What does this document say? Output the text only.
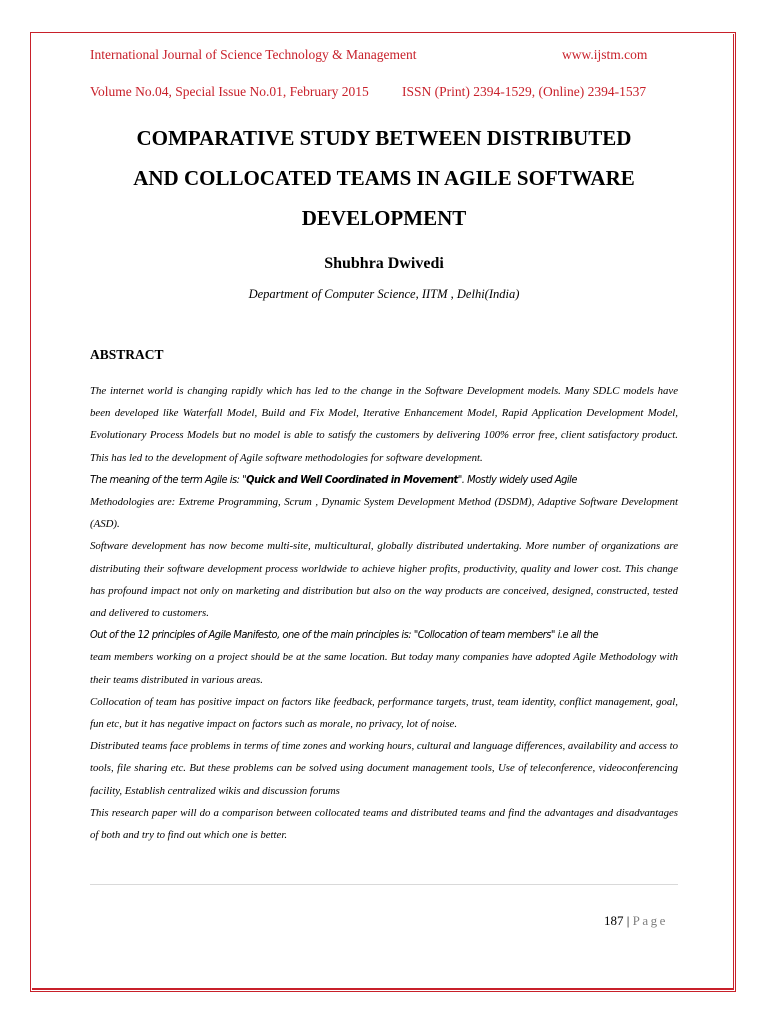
International Journal of Science Technology & Management	www.ijstm.com
Volume No.04, Special Issue No.01, February 2015 ISSN (Print) 2394-1529, (Online) 2394-1537
COMPARATIVE STUDY BETWEEN DISTRIBUTED
AND COLLOCATED TEAMS IN AGILE SOFTWARE
DEVELOPMENT
Shubhra Dwivedi
Department of Computer Science, IITM , Delhi(India)
ABSTRACT

The internet world is changing rapidly which has led to the change in the Software Development models. Many SDLC models have been developed like Waterfall Model, Build and Fix Model, Iterative Enhancement Model, Rapid Application Development Model, Evolutionary Process Models but no model is able to satisfy the customers by delivering 100% error free, client satisfactory product. This has led to the development of Agile software methodologies for software development.

The meaning of the term Agile is: "Quick and Well Coordinated in Movement". Mostly widely used Agile
Methodologies are: Extreme Programming, Scrum , Dynamic System Development Method (DSDM), Adaptive Software Development (ASD).

Software development has now become multi-site, multicultural, globally distributed undertaking. More number of organizations are distributing their software development process worldwide to achieve higher profits, productivity, quality and lower cost. This change has profound impact not only on marketing and distribution but also on the way products are conceived, designed, constructed, tested and delivered to customers.

Out of the 12 principles of Agile Manifesto, one of the main principles is: "Collocation of team members" i.e all the
team members working on a project should be at the same location. But today many companies have adopted Agile Methodology with their teams distributed in various areas.

Collocation of team has positive impact on factors like feedback, performance targets, trust, team identity, conflict management, goal, fun etc, but it has negative impact on factors such as morale, no privacy, lot of noise.

Distributed teams face problems in terms of time zones and working hours, cultural and language differences, availability and access to tools, file sharing etc. But these problems can be solved using document management tools, Use of teleconference, videoconferencing facility, Establish centralized wikis and discussion forums

This research paper will do a comparison between collocated teams and distributed teams and find the advantages and disadvantages of both and try to find out which one is better.

187 | Page
